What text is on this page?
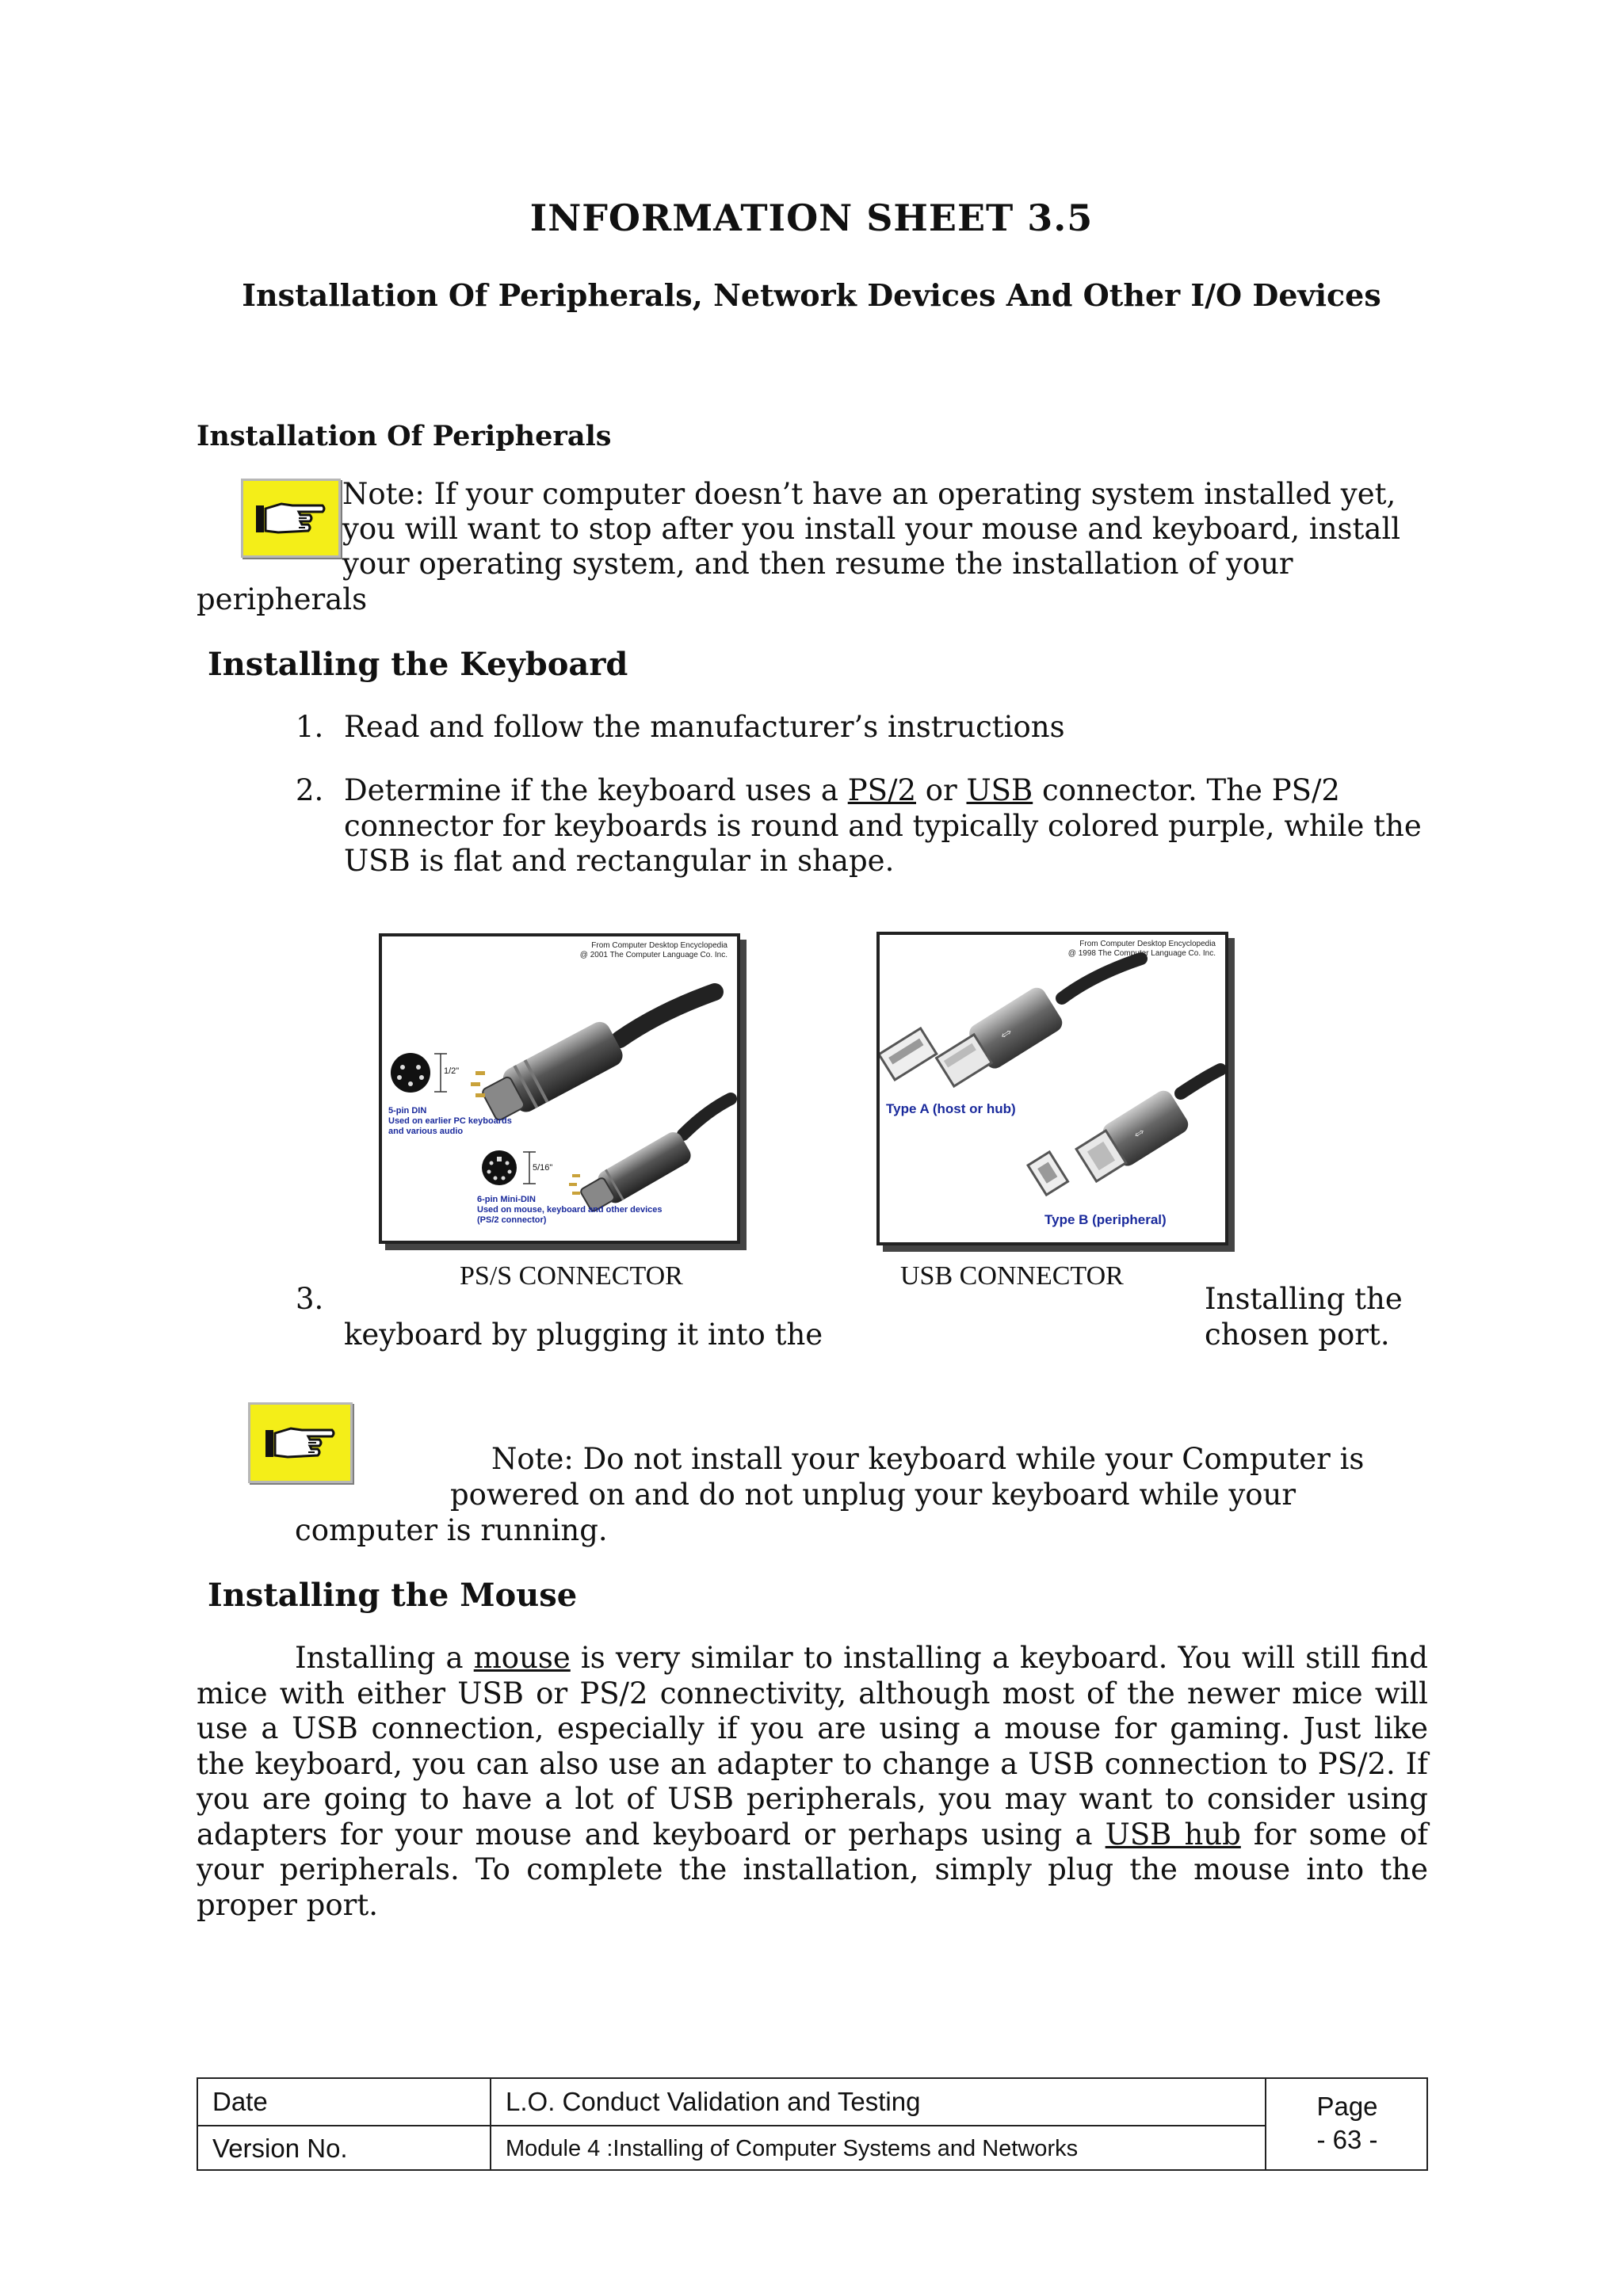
INFORMATION SHEET 3.5
Installation Of Peripherals, Network Devices And Other I/O Devices
Installation Of Peripherals
Note: If your computer doesn’t have an operating system installed yet,
you will want to stop after you install your mouse and keyboard, install
your operating system, and then resume the installation of your
peripherals
Installing the Keyboard
1. Read and follow the manufacturer’s instructions
2. Determine if the keyboard uses a PS/2 or USB connector. The PS/2
connector for keyboards is round and typically colored purple, while the
USB is flat and rectangular in shape.
From Computer Desktop Encyclopedia
@ 2001 The Computer Language Co. Inc.
1/2"
5-pin DIN
Used on earlier PC keyboards
and various audio
5/16"
6-pin Mini-DIN
Used on mouse, keyboard and other devices
(PS/2 connector)
From Computer Desktop Encyclopedia
@ 1998 The Computer Language Co. Inc.
⇔
⇔
Type A (host or hub)
Type B (peripheral)
PS/S CONNECTOR	USB CONNECTOR
3.	Installing the
keyboard by plugging it into the	chosen port.
Note: Do not install your keyboard while your Computer is
powered on and do not unplug your keyboard while your
computer is running.
Installing the Mouse
Installing a mouse is very similar to installing a keyboard. You will still find mice with either USB or PS/2 connectivity, although most of the newer mice will use a USB connection, especially if you are using a mouse for gaming. Just like the keyboard, you can also use an adapter to change a USB connection to PS/2. If you are going to have a lot of USB peripherals, you may want to consider using adapters for your mouse and keyboard or perhaps using a USB hub for some of your peripherals. To complete the installation, simply plug the mouse into the proper port.
Date	L.O. Conduct Validation and Testing
Version No.	Module 4 :Installing of Computer Systems and Networks
Page
- 63 -
